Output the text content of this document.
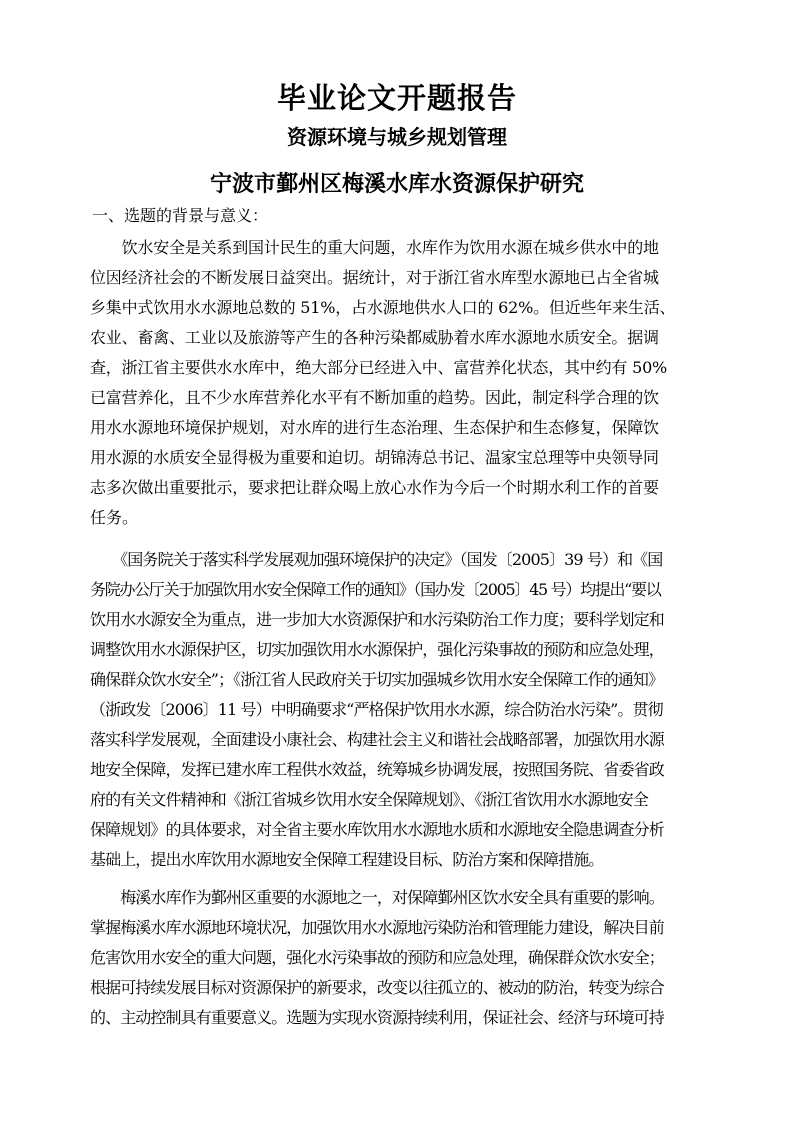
毕业论文开题报告
资源环境与城乡规划管理
宁波市鄞州区梅溪水库水资源保护研究
一、选题的背景与意义：
　　饮水安全是关系到国计民生的重大问题，水库作为饮用水源在城乡供水中的地
位因经济社会的不断发展日益突出。据统计，对于浙江省水库型水源地已占全省城
乡集中式饮用水水源地总数的 51%，占水源地供水人口的 62%。但近些年来生活、
农业、畜禽、工业以及旅游等产生的各种污染都威胁着水库水源地水质安全。据调
查，浙江省主要供水水库中，绝大部分已经进入中、富营养化状态，其中约有 50%
已富营养化，且不少水库营养化水平有不断加重的趋势。因此，制定科学合理的饮
用水水源地环境保护规划，对水库的进行生态治理、生态保护和生态修复，保障饮
用水源的水质安全显得极为重要和迫切。胡锦涛总书记、温家宝总理等中央领导同
志多次做出重要批示，要求把让群众喝上放心水作为今后一个时期水利工作的首要
任务。
　　《国务院关于落实科学发展观加强环境保护的决定》（国发〔2005〕39 号）和《国
务院办公厅关于加强饮用水安全保障工作的通知》（国办发〔2005〕45 号）均提出“要以
饮用水水源安全为重点，进一步加大水资源保护和水污染防治工作力度；要科学划定和
调整饮用水水源保护区，切实加强饮用水水源保护，强化污染事故的预防和应急处理，
确保群众饮水安全”；《浙江省人民政府关于切实加强城乡饮用水安全保障工作的通知》
（浙政发〔2006〕11 号）中明确要求“严格保护饮用水水源，综合防治水污染”。贯彻
落实科学发展观，全面建设小康社会、构建社会主义和谐社会战略部署，加强饮用水源
地安全保障，发挥已建水库工程供水效益，统筹城乡协调发展，按照国务院、省委省政
府的有关文件精神和《浙江省城乡饮用水安全保障规划》、《浙江省饮用水水源地安全
保障规划》的具体要求，对全省主要水库饮用水水源地水质和水源地安全隐患调查分析
基础上，提出水库饮用水源地安全保障工程建设目标、防治方案和保障措施。
　　梅溪水库作为鄞州区重要的水源地之一，对保障鄞州区饮水安全具有重要的影响。
掌握梅溪水库水源地环境状况，加强饮用水水源地污染防治和管理能力建设，解决目前
危害饮用水安全的重大问题，强化水污染事故的预防和应急处理，确保群众饮水安全；
根据可持续发展目标对资源保护的新要求，改变以往孤立的、被动的防治，转变为综合
的、主动控制具有重要意义。选题为实现水资源持续利用，保证社会、经济与环境可持
